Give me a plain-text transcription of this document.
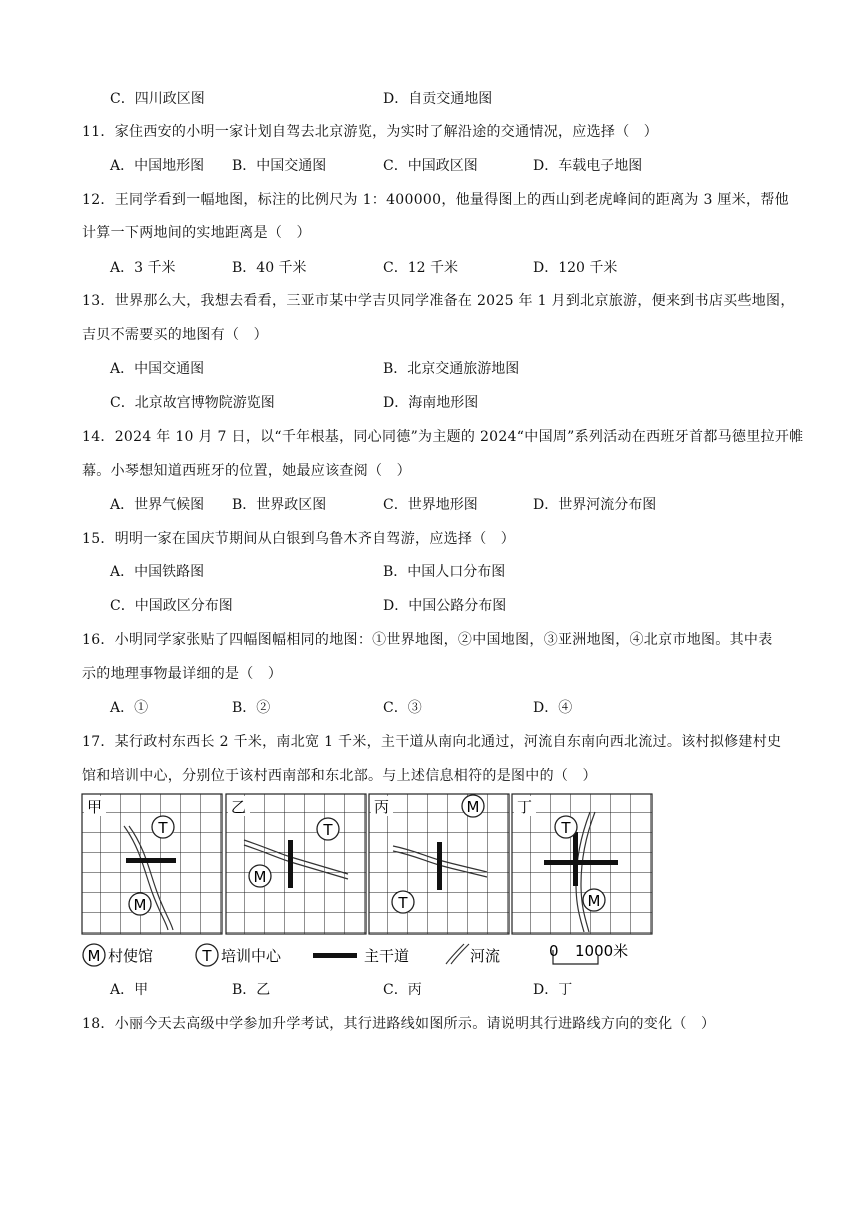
C．四川政区图	D．自贡交通地图
11．家住西安的小明一家计划自驾去北京游览，为实时了解沿途的交通情况，应选择（　）
A．中国地形图 B．中国交通图	C．中国政区图	D．车载电子地图
12．王同学看到一幅地图，标注的比例尺为 1：400000，他量得图上的西山到老虎峰间的距离为 3 厘米，帮他
计算一下两地间的实地距离是（　）
A．3 千米	B．40 千米	C．12 千米	D．120 千米
13．世界那么大，我想去看看，三亚市某中学吉贝同学准备在 2025 年 1 月到北京旅游，便来到书店买些地图，
吉贝不需要买的地图有（　）
A．中国交通图	B．北京交通旅游地图
C．北京故宫博物院游览图	D．海南地形图
14．2024 年 10 月 7 日，以“千年根基，同心同德”为主题的 2024“中国周”系列活动在西班牙首都马德里拉开帷
幕。小琴想知道西班牙的位置，她最应该查阅（　）
A．世界气候图 B．世界政区图	C．世界地形图	D．世界河流分布图
15．明明一家在国庆节期间从白银到乌鲁木齐自驾游，应选择（　）
A．中国铁路图	B．中国人口分布图
C．中国政区分布图	D．中国公路分布图
16．小明同学家张贴了四幅图幅相同的地图：①世界地图，②中国地图，③亚洲地图，④北京市地图。其中表
示的地理事物最详细的是（　）
A．①	B．②	C．③	D．④
17．某行政村东西长 2 千米，南北宽 1 千米，主干道从南向北通过，河流自东南向西北流过。该村拟修建村史
馆和培训中心，分别位于该村西南部和东北部。与上述信息相符的是图中的（　）
甲
T
M
乙
T
M
丙	M
T
丁
T
M
M 村使馆	T 培训中心	主干道	河流	0 1000米
A．甲	B．乙	C．丙	D．丁
18．小丽今天去高级中学参加升学考试，其行进路线如图所示。请说明其行进路线方向的变化（　）
